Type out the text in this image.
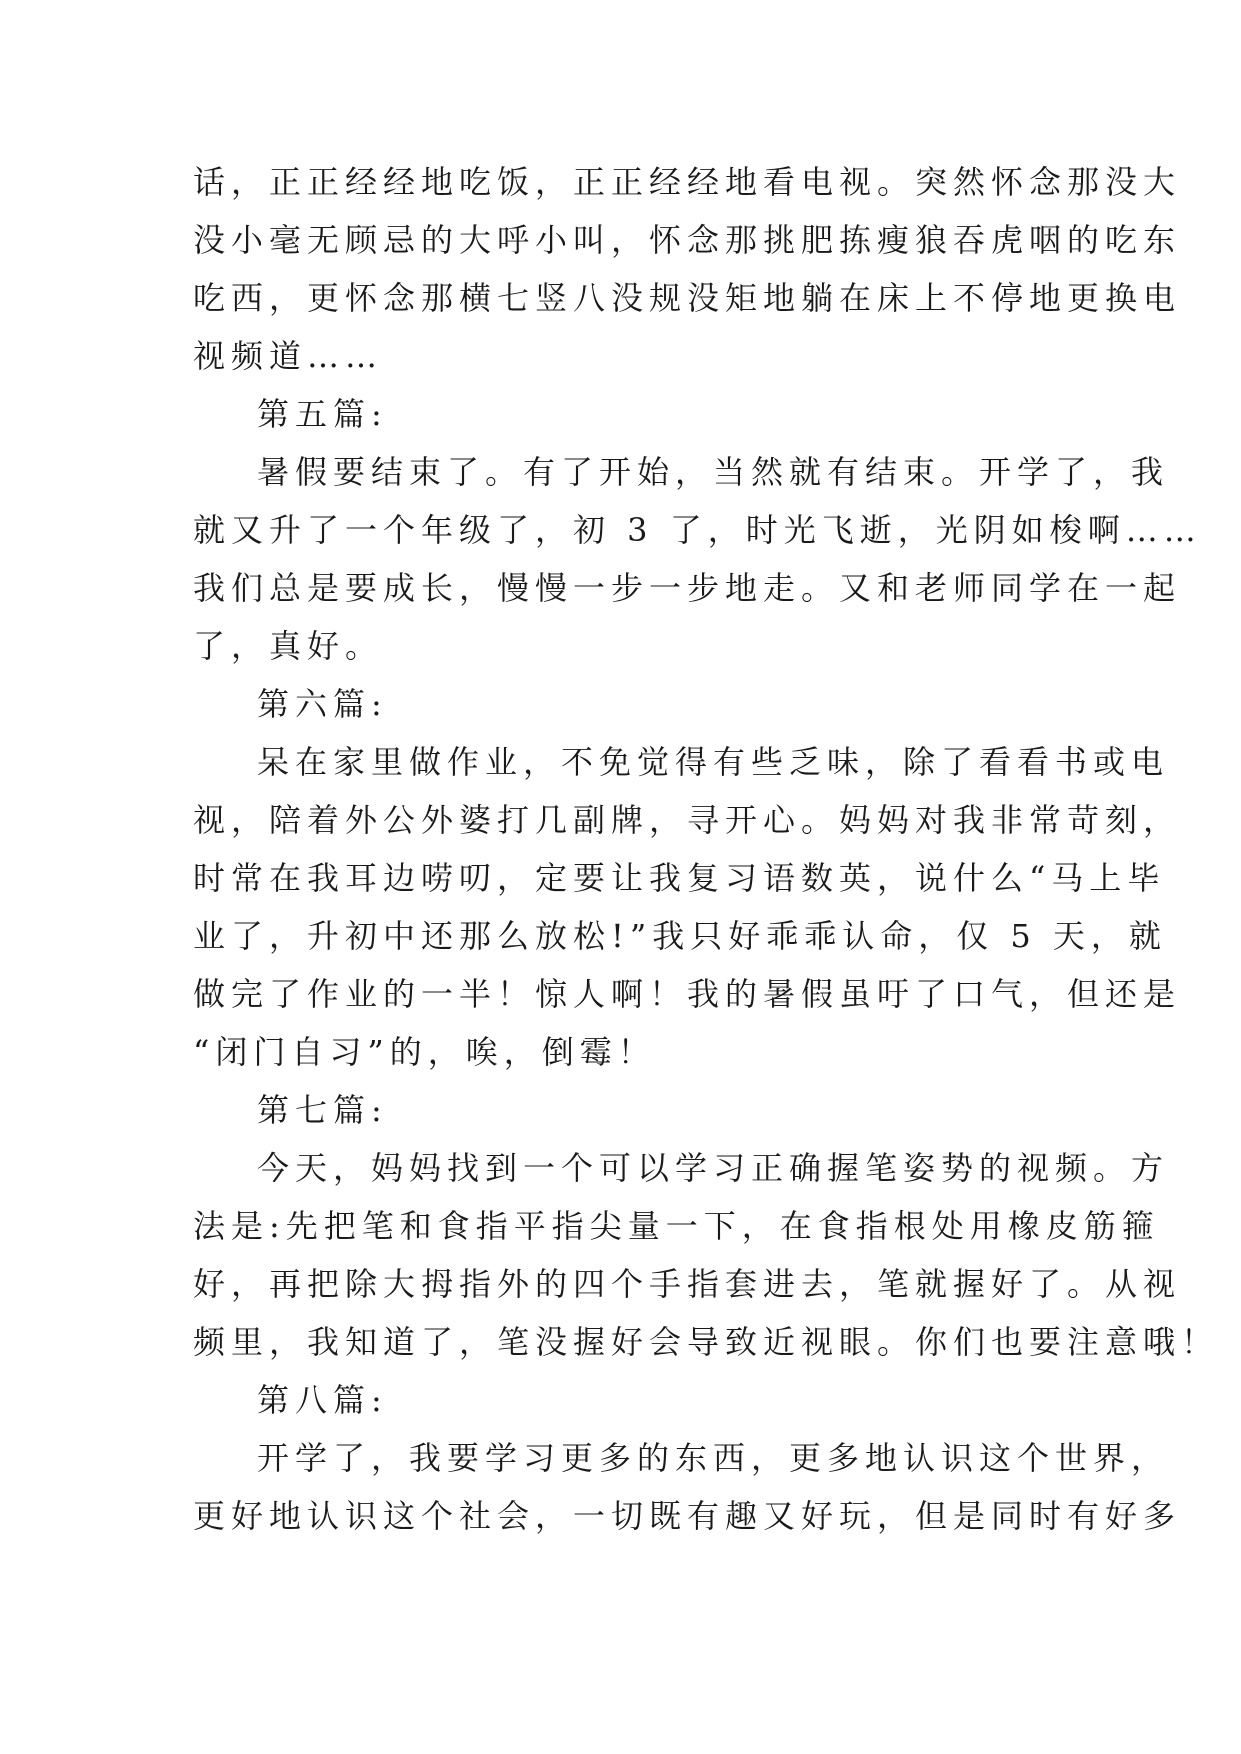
话，正正经经地吃饭，正正经经地看电视。突然怀念那没大
没小毫无顾忌的大呼小叫，怀念那挑肥拣瘦狼吞虎咽的吃东
吃西，更怀念那横七竖八没规没矩地躺在床上不停地更换电
视频道……
第五篇:
暑假要结束了。有了开始，当然就有结束。开学了，我
就又升了一个年级了，初 3 了，时光飞逝，光阴如梭啊……
我们总是要成长，慢慢一步一步地走。又和老师同学在一起
了，真好。
第六篇:
呆在家里做作业，不免觉得有些乏味，除了看看书或电
视，陪着外公外婆打几副牌，寻开心。妈妈对我非常苛刻，
时常在我耳边唠叨，定要让我复习语数英，说什么“马上毕
业了，升初中还那么放松!”我只好乖乖认命，仅 5 天，就
做完了作业的一半！惊人啊！我的暑假虽吁了口气，但还是
“闭门自习”的，唉，倒霉！
第七篇:
今天，妈妈找到一个可以学习正确握笔姿势的视频。方
法是:先把笔和食指平指尖量一下，在食指根处用橡皮筋箍
好，再把除大拇指外的四个手指套进去，笔就握好了。从视
频里，我知道了，笔没握好会导致近视眼。你们也要注意哦！
第八篇:
开学了，我要学习更多的东西，更多地认识这个世界，
更好地认识这个社会，一切既有趣又好玩，但是同时有好多
